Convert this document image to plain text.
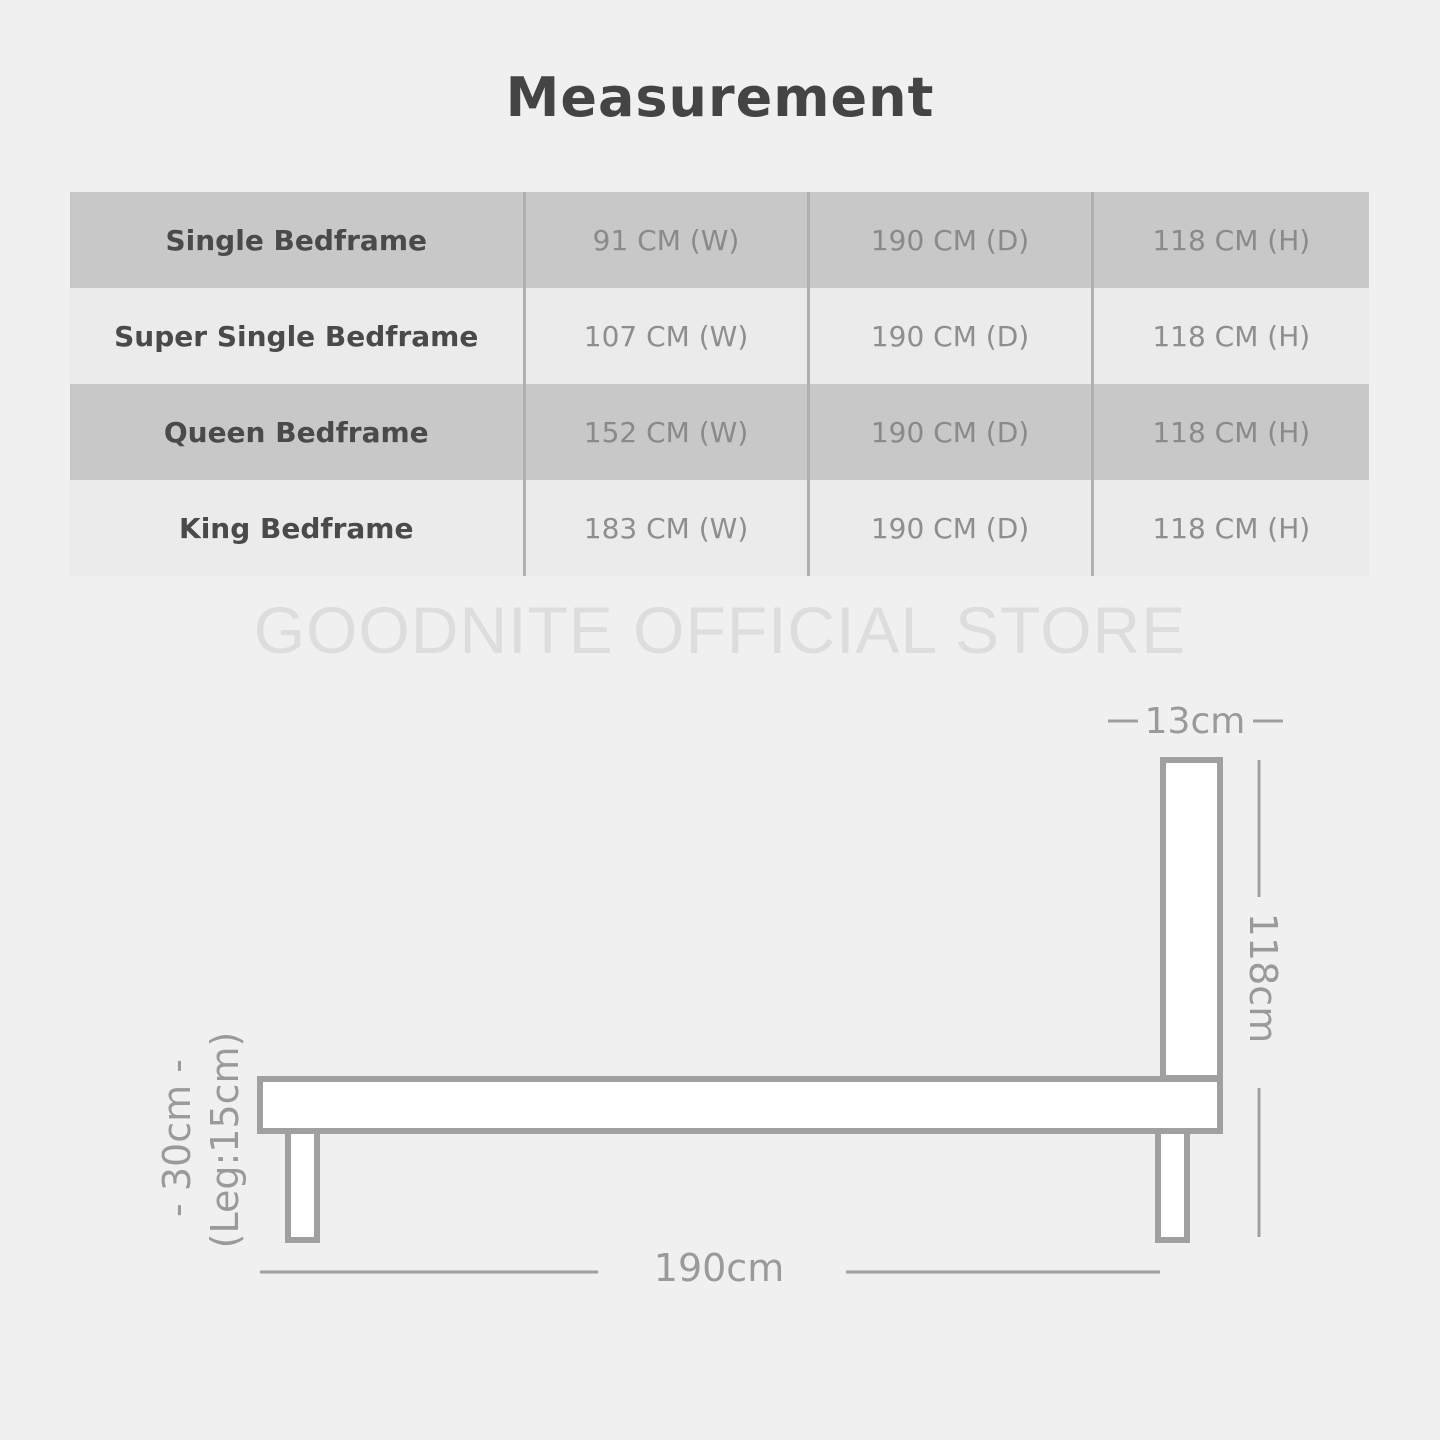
Measurement
Single Bedframe	91 CM (W)	190 CM (D)	118 CM (H)
Super Single Bedframe	107 CM (W)	190 CM (D)	118 CM (H)
Queen Bedframe	152 CM (W)	190 CM (D)	118 CM (H)
King Bedframe	183 CM (W)	190 CM (D)	118 CM (H)
GOODNITE OFFICIAL STORE
13cm
118cm
- 30cm - (Leg:15cm)
190cm
